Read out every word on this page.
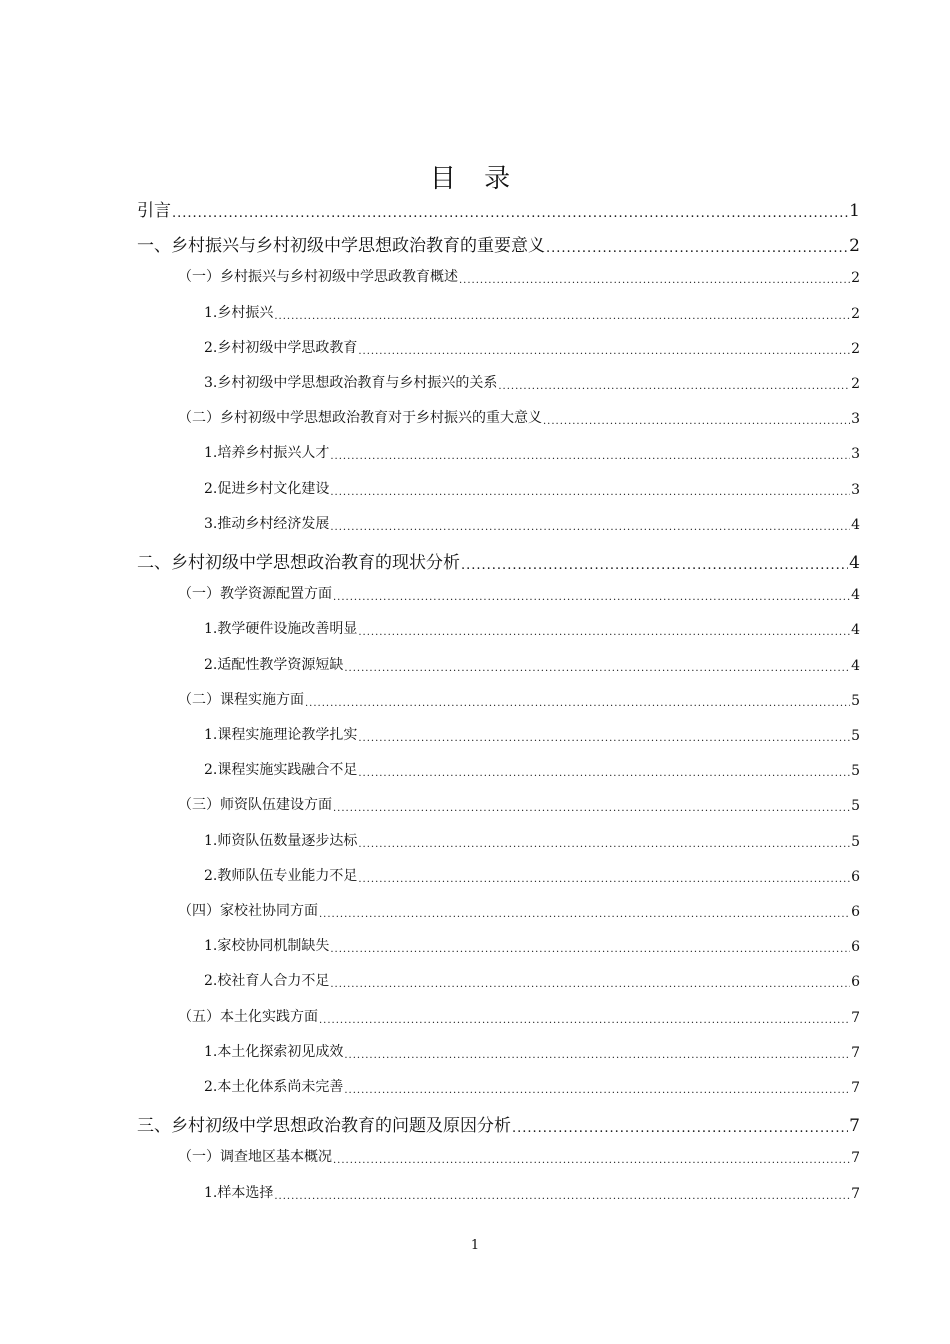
目 录
引言 .....	1
一、乡村振兴与乡村初级中学思想政治教育的重要意义 .....	2
（一）乡村振兴与乡村初级中学思政教育概述 .....	2
1.乡村振兴 .....	2
2.乡村初级中学思政教育 .....	2
3.乡村初级中学思想政治教育与乡村振兴的关系 .....	2
（二）乡村初级中学思想政治教育对于乡村振兴的重大意义 .....	3
1.培养乡村振兴人才 .....	3
2.促进乡村文化建设 .....	3
3.推动乡村经济发展 .....	4
二、乡村初级中学思想政治教育的现状分析 .....	4
（一）教学资源配置方面 .....	4
1.教学硬件设施改善明显 .....	4
2.适配性教学资源短缺 .....	4
（二）课程实施方面 .....	5
1.课程实施理论教学扎实 .....	5
2.课程实施实践融合不足 .....	5
（三）师资队伍建设方面 .....	5
1.师资队伍数量逐步达标 .....	5
2.教师队伍专业能力不足 .....	6
（四）家校社协同方面 .....	6
1.家校协同机制缺失 .....	6
2.校社育人合力不足 .....	6
（五）本土化实践方面 .....	7
1.本土化探索初见成效 .....	7
2.本土化体系尚未完善 .....	7
三、乡村初级中学思想政治教育的问题及原因分析 .....	7
（一）调查地区基本概况 .....	7
1.样本选择 .....	7
1
